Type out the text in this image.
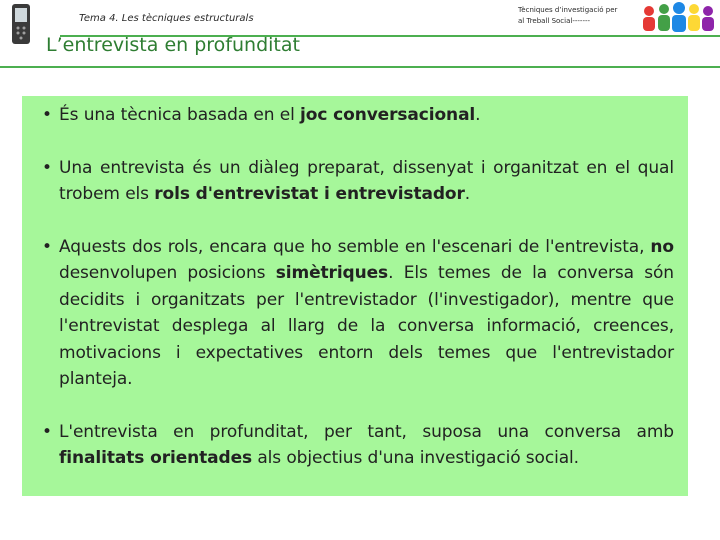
Tema 4. Les tècniques estructurals
Tècniques d’investigació per
al Treball Social-------
L’entrevista en profunditat
• És una tècnica basada en el joc conversacional.
• Una entrevista és un diàleg preparat, dissenyat i organitzat en el qual trobem els rols d'entrevistat i entrevistador.
• Aquests dos rols, encara que ho semble en l'escenari de l'entrevista, no desenvolupen posicions simètriques. Els temes de la conversa són decidits i organitzats per l'entrevistador (l'investigador), mentre que l'entrevistat desplega al llarg de la conversa informació, creences, motivacions i expectatives entorn dels temes que l'entrevistador planteja.
• L'entrevista en profunditat, per tant, suposa una conversa amb finalitats orientades als objectius d'una investigació social.
